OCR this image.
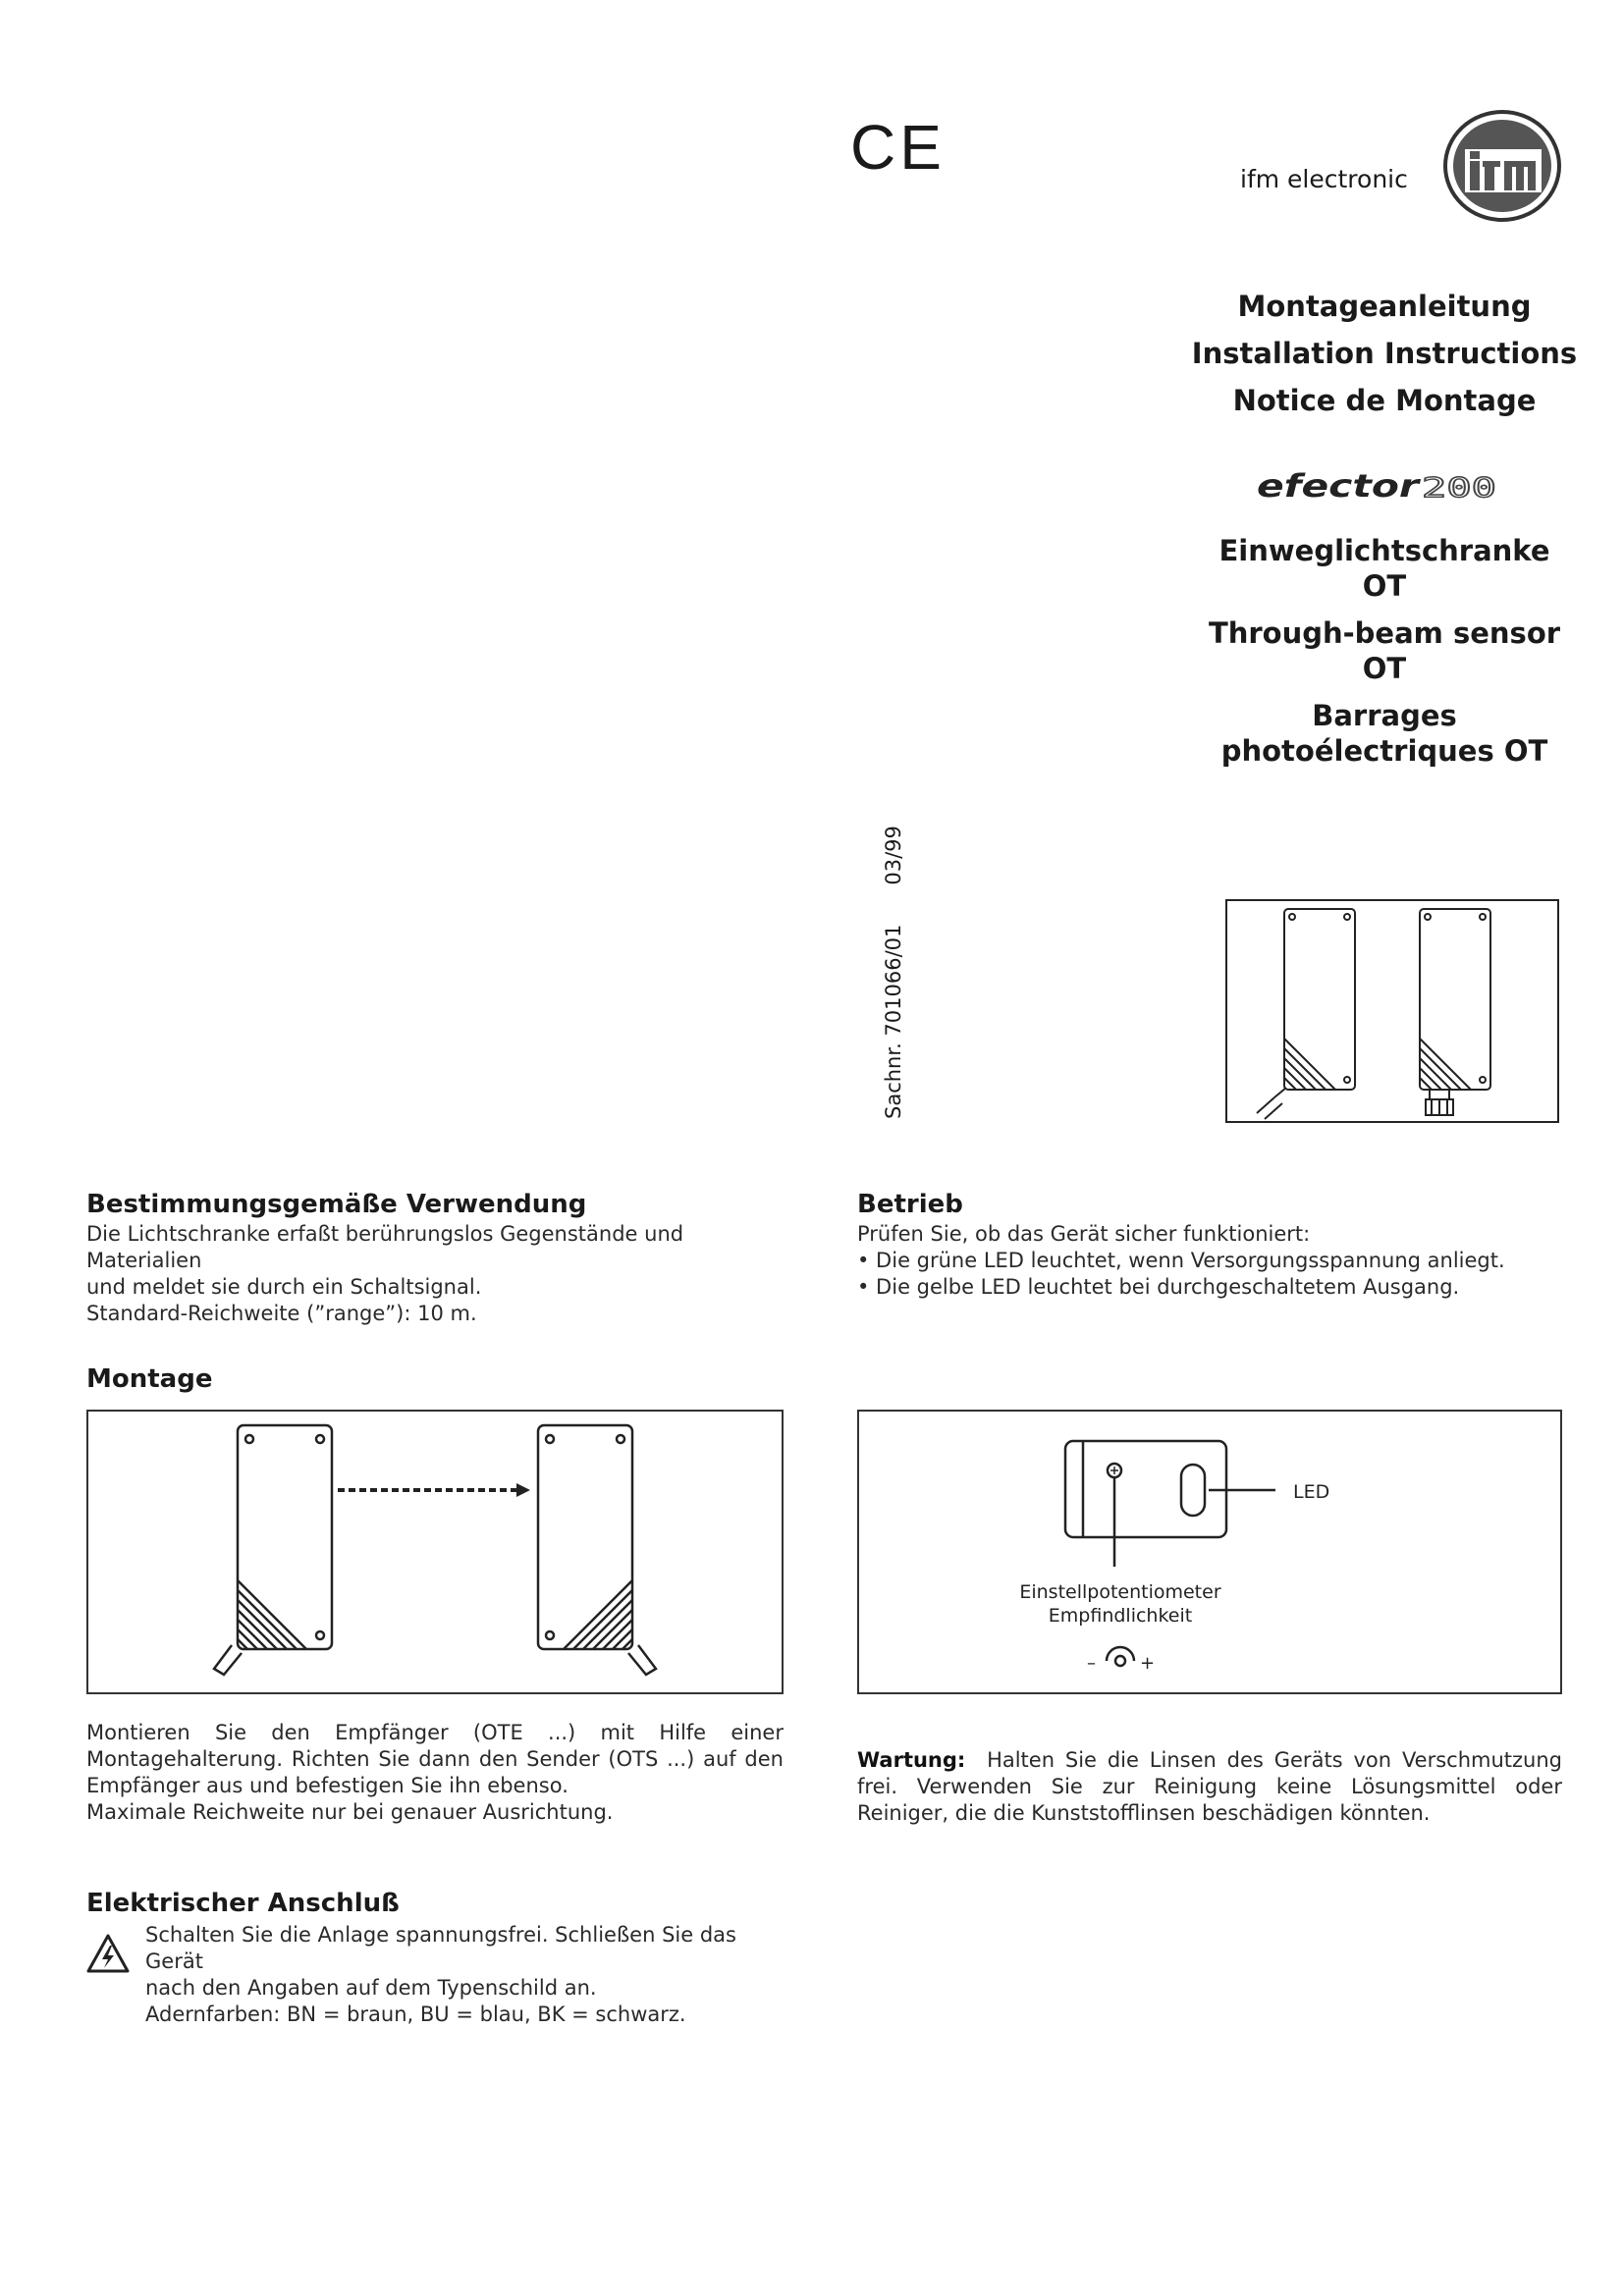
CE	ifm electronic
Montageanleitung
Installation Instructions
Notice de Montage
efector 200
Einweglichtschranke
OT
Through-beam sensor
OT
Barrages
photoélectriques OT
Sachnr. 701066/0103/99
Bestimmungsgemäße Verwendung

Die Lichtschranke erfaßt berührungslos Gegenstände und Materialien

und meldet sie durch ein Schaltsignal.

Standard-Reichweite (”range”): 10 m.

Betrieb

Prüfen Sie, ob das Gerät sicher funktioniert:

• Die grüne LED leuchtet, wenn Versorgungsspannung anliegt.

• Die gelbe LED leuchtet bei durchgeschaltetem Ausgang.

Montage
LED
Einstellpotentiometer
Empfindlichkeit
–	+

Montieren Sie den Empfänger (OTE ...) mit Hilfe einer Montagehalterung. Richten Sie dann den Sender (OTS ...) auf den Empfänger aus und befestigen Sie ihn ebenso.

Maximale Reichweite nur bei genauer Ausrichtung.

Wartung: Halten Sie die Linsen des Geräts von Verschmutzung frei. Verwenden Sie zur Reinigung keine Lösungsmittel oder Reiniger, die die Kunststofflinsen beschädigen könnten.
Elektrischer Anschluß

Schalten Sie die Anlage spannungsfrei. Schließen Sie das Gerät

nach den Angaben auf dem Typenschild an.

Adernfarben: BN = braun, BU = blau, BK = schwarz.
